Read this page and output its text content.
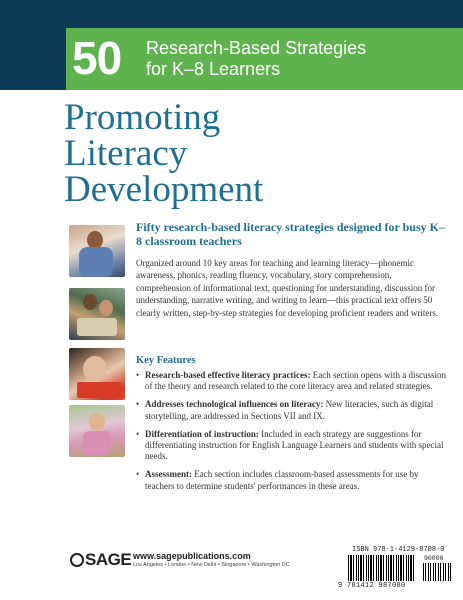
50 Research-Based Strategies
for K–8 Learners
Promoting
Literacy
Development

Fifty research-based literacy strategies designed for busy K–8 classroom teachers

Organized around 10 key areas for teaching and learning literacy—phonemic awareness, phonics, reading fluency, vocabulary, story comprehension, comprehension of informational text, questioning for understanding, discussion for understanding, narrative writing, and writing to learn—this practical text offers 50 clearly written, step-by-step strategies for developing proficient readers and writers.

Key Features
• Research-based effective literacy practices: Each section opens with a discussion of the theory and research related to the core literacy area and related strategies.
• Addresses technological influences on literacy: New literacies, such as digital storytelling, are addressed in Sections VII and IX.
• Differentiation of instruction: Included in each strategy are suggestions for differentiating instruction for English Language Learners and students with special needs.
• Assessment: Each section includes classroom-based assessments for use by teachers to determine students' performances in these areas.
SAGE www.sagepublications.com
Los Angeles • London • New Delhi • Singapore • Washington DC
ISBN 978-1-4129-8708-0
90000
9 781412 987080
